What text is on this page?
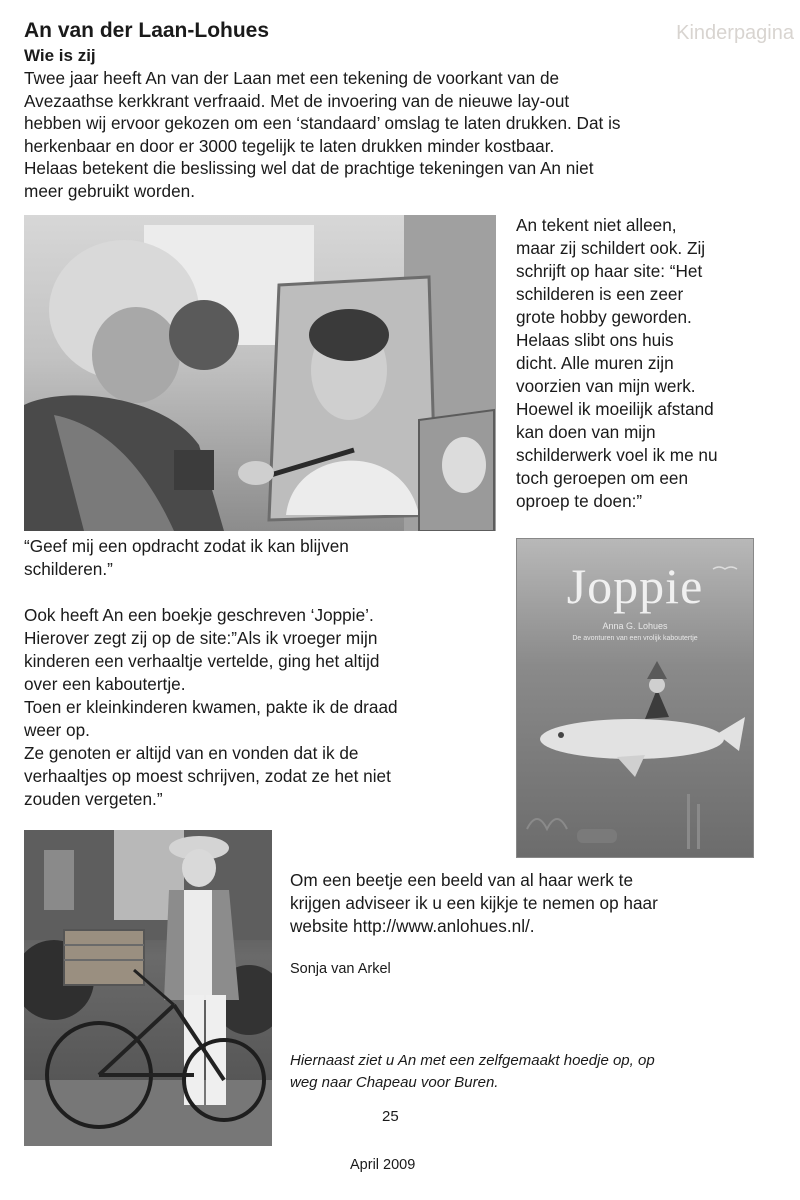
Kinderpagina
An van der Laan-Lohues
Wie is zij

Twee jaar heeft An van der Laan met een tekening de voorkant van de
Avezaathse kerkkrant verfraaid. Met de invoering van de nieuwe lay-out
hebben wij ervoor gekozen om een ‘standaard’ omslag te laten drukken. Dat is
herkenbaar en door er 3000 tegelijk te laten drukken minder kostbaar.
Helaas betekent die beslissing wel dat de prachtige tekeningen van An niet
meer gebruikt worden.

An tekent niet alleen,
maar zij schildert ook. Zij
schrijft op haar site: “Het
schilderen is een zeer
grote hobby geworden.
Helaas slibt ons huis
dicht. Alle muren zijn
voorzien van mijn werk.
Hoewel ik moeilijk afstand
kan doen van mijn
schilderwerk voel ik me nu
toch geroepen om een
oproep te doen:”

“Geef mij een opdracht zodat ik kan blijven
schilderen.”

Ook heeft An een boekje geschreven ‘Joppie’.
Hierover zegt zij op de site:”Als ik vroeger mijn
kinderen een verhaaltje vertelde, ging het altijd
over een kaboutertje.
Toen er kleinkinderen kwamen, pakte ik de draad
weer op.
Ze genoten er altijd van en vonden dat ik de
verhaaltjes op moest schrijven, zodat ze het niet
zouden vergeten.”

Joppie
Anna G. Lohues
De avonturen van een vrolijk kaboutertje

Om een beetje een beeld van al haar werk te
krijgen adviseer ik u een kijkje te nemen op haar
website http://www.anlohues.nl/.

Sonja van Arkel

Hiernaast ziet u An met een zelfgemaakt hoedje op, op
weg naar Chapeau voor Buren.

25

April 2009
